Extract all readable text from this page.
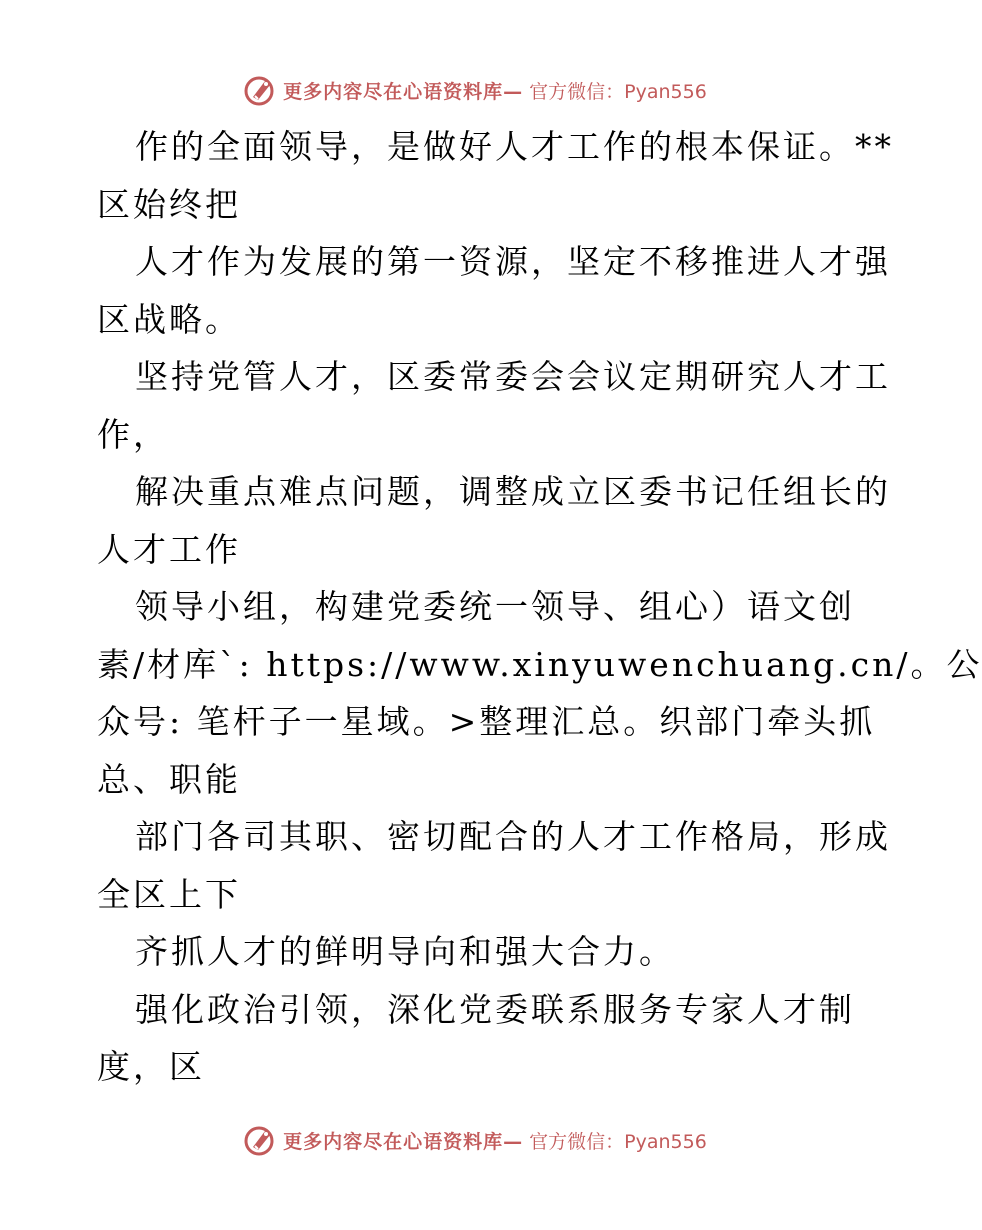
更多内容尽在心语资料库— 官方微信：Pyan556
作的全面领导，是做好人才工作的根本保证。**
区始终把
人才作为发展的第一资源，坚定不移推进人才强
区战略。
坚持党管人才，区委常委会会议定期研究人才工
作，
解决重点难点问题，调整成立区委书记任组长的
人才工作
领导小组，构建党委统一领导、组心）语文创
素/材库`: https://www.xinyuwenchuang.cn/。公
众号: 笔杆子一星域。>整理汇总。织部门牵头抓
总、职能
部门各司其职、密切配合的人才工作格局，形成
全区上下
齐抓人才的鲜明导向和强大合力。
强化政治引领，深化党委联系服务专家人才制
度，区
更多内容尽在心语资料库— 官方微信：Pyan556
